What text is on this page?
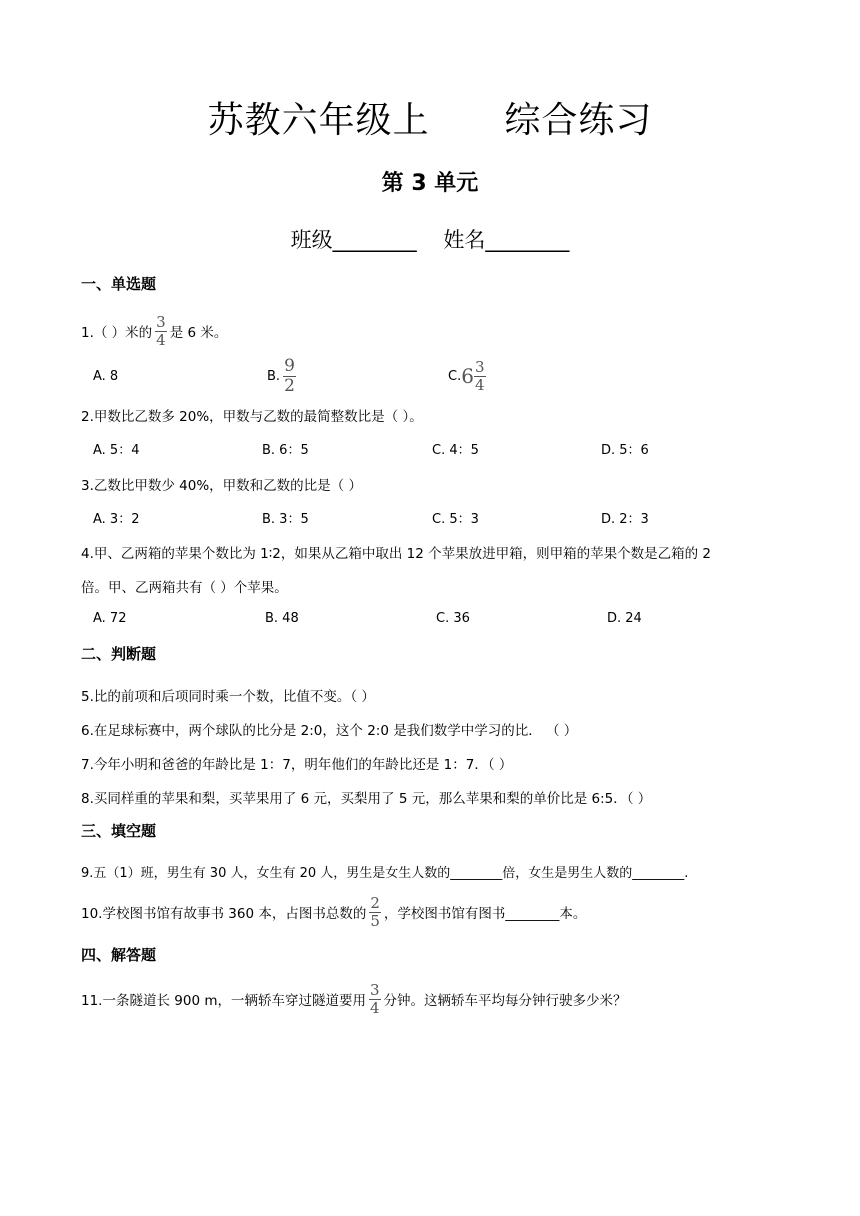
苏教六年级上      综合练习
第 3 单元
班级________    姓名________
一、单选题
1.（ ）米的 $\frac{3}{4}$ 是 6 米。
A. 8	B. $\frac{9}{2}$	C. $6 \frac{3}{4}$
2.甲数比乙数多 20%，甲数与乙数的最简整数比是（ ）。
A. 5：4	B. 6：5	C. 4：5	D. 5：6
3.乙数比甲数少 40%，甲数和乙数的比是（ ）
A. 3：2	B. 3：5	C. 5：3	D. 2：3
4.甲、乙两箱的苹果个数比为 1∶2，如果从乙箱中取出 12 个苹果放进甲箱，则甲箱的苹果个数是乙箱的 2
倍。甲、乙两箱共有（ ）个苹果。
A. 72	B. 48	C. 36	D. 24
二、判断题
5.比的前项和后项同时乘一个数，比值不变。（ ）
6.在足球标赛中，两个球队的比分是 2:0，这个 2:0 是我们数学中学习的比． （ ）
7.今年小明和爸爸的年龄比是 1：7，明年他们的年龄比还是 1：7．（ ）
8.买同样重的苹果和梨，买苹果用了 6 元，买梨用了 5 元，那么苹果和梨的单价比是 6:5．（ ）
三、填空题
9.五（1）班，男生有 30 人，女生有 20 人，男生是女生人数的________倍，女生是男生人数的________.
10.学校图书馆有故事书 360 本，占图书总数的 $\frac{2}{5}$ ，学校图书馆有图书________本。
四、解答题
11.一条隧道长 900 m，一辆轿车穿过隧道要用 $\frac{3}{4}$ 分钟。这辆轿车平均每分钟行驶多少米？
